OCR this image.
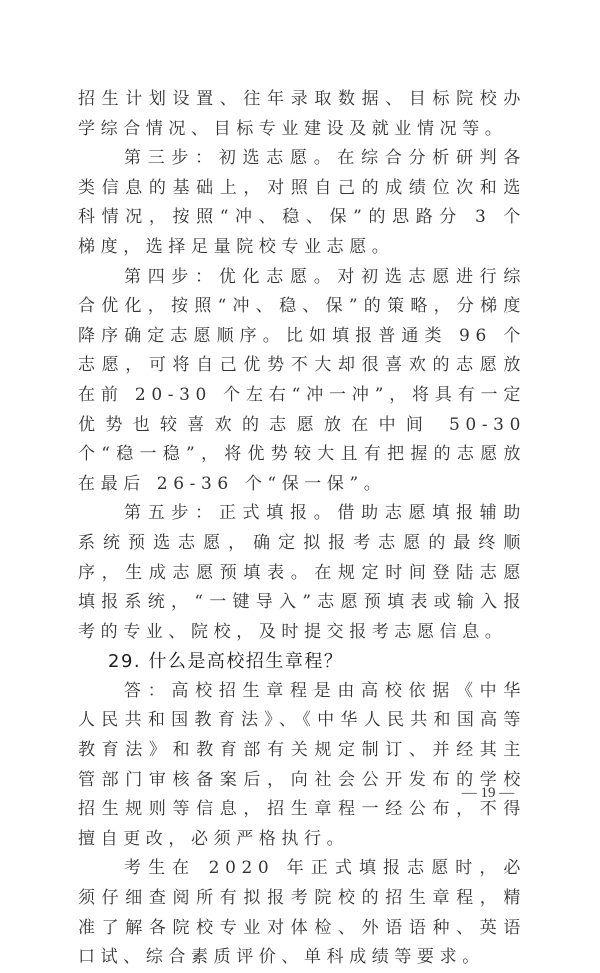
招生计划设置、往年录取数据、目标院校办学综合情况、目标专业建设及就业情况等。

第三步：初选志愿。在综合分析研判各类信息的基础上，对照自己的成绩位次和选科情况，按照“冲、稳、保”的思路分 3 个梯度，选择足量院校专业志愿。

第四步：优化志愿。对初选志愿进行综合优化，按照“冲、稳、保”的策略，分梯度降序确定志愿顺序。比如填报普通类 96 个志愿，可将自己优势不大却很喜欢的志愿放在前 20-30 个左右“冲一冲”，将具有一定优势也较喜欢的志愿放在中间 50-30 个“稳一稳”，将优势较大且有把握的志愿放在最后 26-36 个“保一保”。

第五步：正式填报。借助志愿填报辅助系统预选志愿，确定拟报考志愿的最终顺序，生成志愿预填表。在规定时间登陆志愿填报系统，“一键导入”志愿预填表或输入报考的专业、院校，及时提交报考志愿信息。

29. 什么是高校招生章程？

答：高校招生章程是由高校依据《中华人民共和国教育法》、《中华人民共和国高等教育法》和教育部有关规定制订、并经其主管部门审核备案后，向社会公开发布的学校招生规则等信息，招生章程一经公布，不得擅自更改，必须严格执行。

考生在 2020 年正式填报志愿时，必须仔细查阅所有拟报考院校的招生章程，精准了解各院校专业对体检、外语语种、英语口试、综合素质评价、单科成绩等要求。

— 19 —
